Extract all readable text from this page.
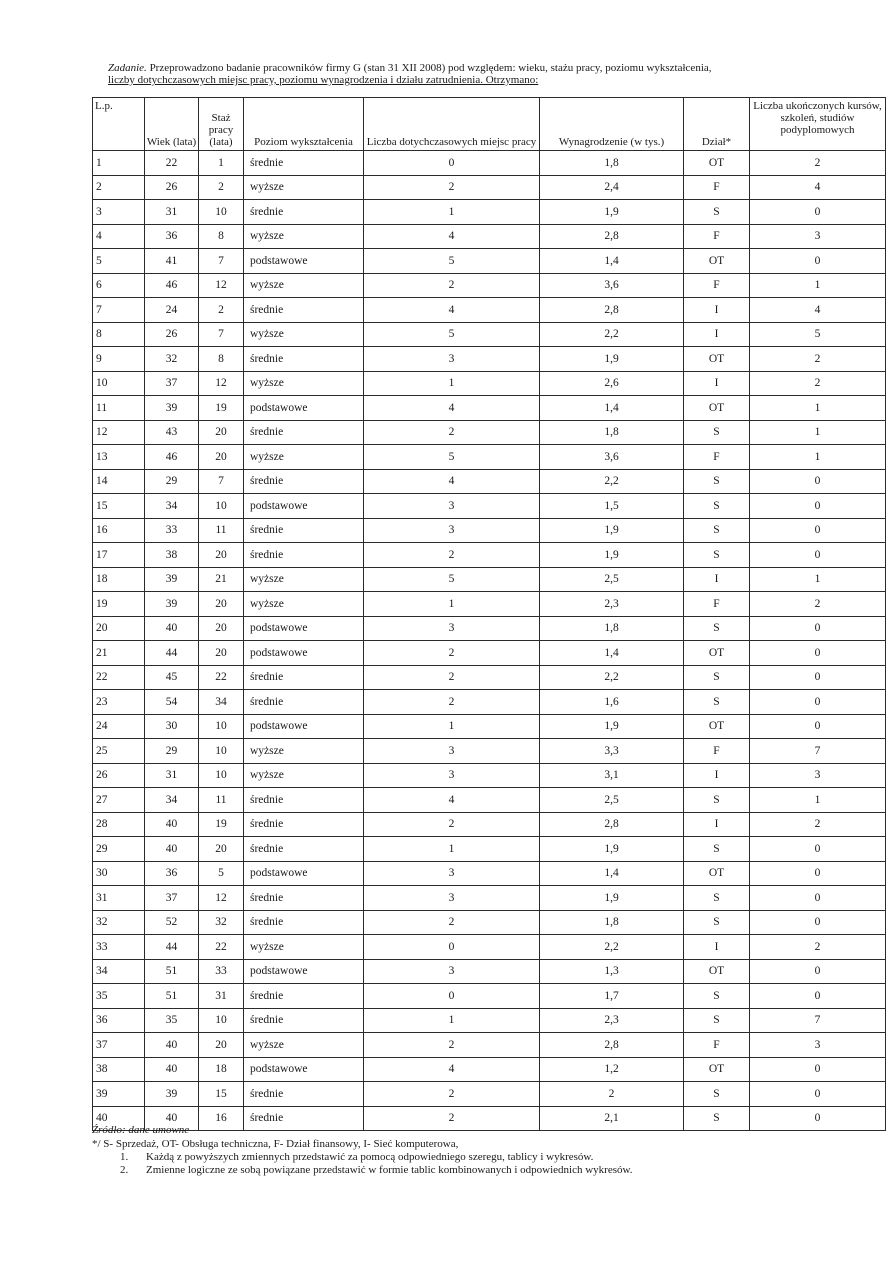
Zadanie. Przeprowadzono badanie pracowników firmy G (stan 31 XII 2008) pod względem: wieku, stażu pracy, poziomu wykształcenia,
liczby dotychczasowych miejsc pracy, poziomu wynagrodzenia i działu zatrudnienia. Otrzymano:
L.p.	Wiek (lata)	Staż pracy (lata)	Poziom wykształcenia	Liczba dotychczasowych miejsc pracy	Wynagrodzenie (w tys.)	Dział*	Liczba ukończonych kursów, szkoleń, studiów podyplomowych
1	22	1	średnie	0	1,8	OT	2
2	26	2	wyższe	2	2,4	F	4
3	31	10	średnie	1	1,9	S	0
4	36	8	wyższe	4	2,8	F	3
5	41	7	podstawowe	5	1,4	OT	0
6	46	12	wyższe	2	3,6	F	1
7	24	2	średnie	4	2,8	I	4
8	26	7	wyższe	5	2,2	I	5
9	32	8	średnie	3	1,9	OT	2
10	37	12	wyższe	1	2,6	I	2
11	39	19	podstawowe	4	1,4	OT	1
12	43	20	średnie	2	1,8	S	1
13	46	20	wyższe	5	3,6	F	1
14	29	7	średnie	4	2,2	S	0
15	34	10	podstawowe	3	1,5	S	0
16	33	11	średnie	3	1,9	S	0
17	38	20	średnie	2	1,9	S	0
18	39	21	wyższe	5	2,5	I	1
19	39	20	wyższe	1	2,3	F	2
20	40	20	podstawowe	3	1,8	S	0
21	44	20	podstawowe	2	1,4	OT	0
22	45	22	średnie	2	2,2	S	0
23	54	34	średnie	2	1,6	S	0
24	30	10	podstawowe	1	1,9	OT	0
25	29	10	wyższe	3	3,3	F	7
26	31	10	wyższe	3	3,1	I	3
27	34	11	średnie	4	2,5	S	1
28	40	19	średnie	2	2,8	I	2
29	40	20	średnie	1	1,9	S	0
30	36	5	podstawowe	3	1,4	OT	0
31	37	12	średnie	3	1,9	S	0
32	52	32	średnie	2	1,8	S	0
33	44	22	wyższe	0	2,2	I	2
34	51	33	podstawowe	3	1,3	OT	0
35	51	31	średnie	0	1,7	S	0
36	35	10	średnie	1	2,3	S	7
37	40	20	wyższe	2	2,8	F	3
38	40	18	podstawowe	4	1,2	OT	0
39	39	15	średnie	2	2	S	0
40	40	16	średnie	2	2,1	S	0
Źródło: dane umowne
*/ S- Sprzedaż, OT- Obsługa techniczna, F- Dział finansowy, I- Sieć komputerowa,
1. Każdą z powyższych zmiennych przedstawić za pomocą odpowiedniego szeregu, tablicy i wykresów.
2. Zmienne logiczne ze sobą powiązane przedstawić w formie tablic kombinowanych i odpowiednich wykresów.
